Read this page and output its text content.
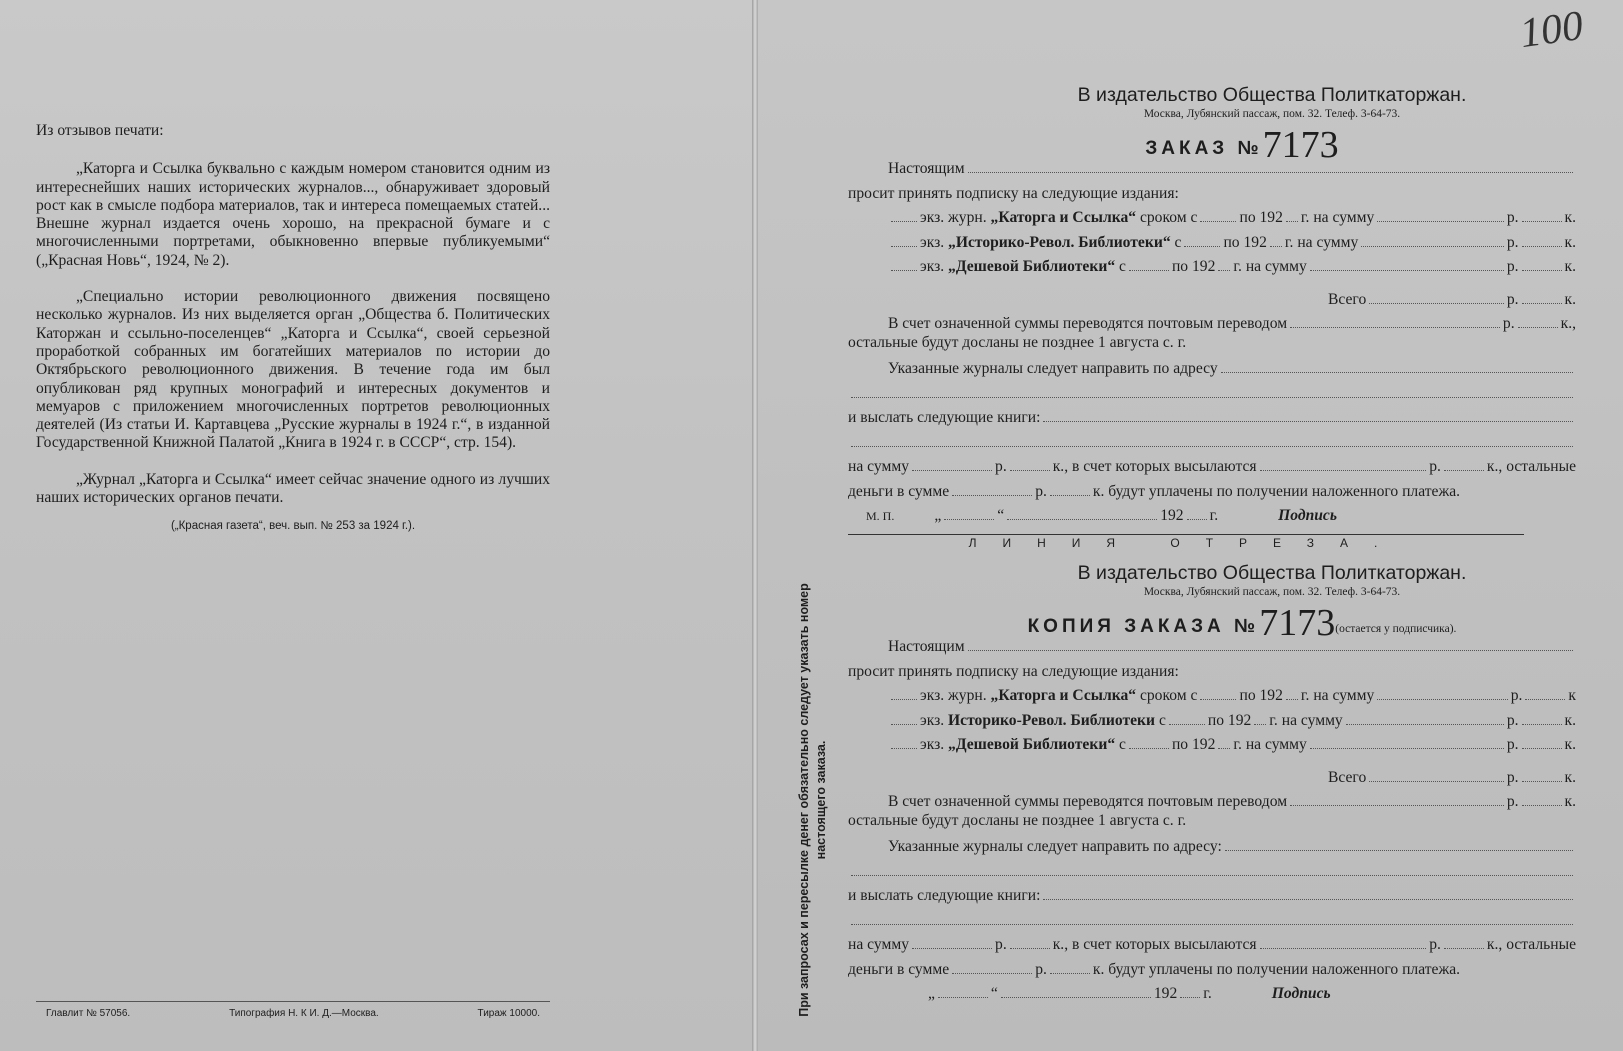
100
Из отзывов печати:

„Каторга и Ссылка буквально с каждым номером становится одним из интереснейших наших исторических журналов..., обнаруживает здоровый рост как в смысле подбора материалов, так и интереса помещаемых статей... Внешне журнал издается очень хорошо, на прекрасной бумаге и с многочисленными портретами, обыкновенно впервые публикуемыми“ („Красная Новь“, 1924, № 2).

„Специально истории революционного движения посвящено несколько журналов. Из них выделяется орган „Общества б. Политических Каторжан и ссыльно-поселенцев“ „Каторга и Ссылка“, своей серьезной проработкой собранных им богатейших материалов по истории до Октябрьского революционного движения. В течение года им был опубликован ряд крупных монографий и интересных документов и мемуаров с приложением многочисленных портретов революционных деятелей (Из статьи И. Картавцева „Русские журналы в 1924 г.“, в изданной Государственной Книжной Палатой „Книга в 1924 г. в СССР“, стр. 154).

„Журнал „Каторга и Ссылка“ имеет сейчас значение одного из лучших наших исторических органов печати.

(„Красная газета“, веч. вып. № 253 за 1924 г.).
Главлит № 57056.	Типография Н. К И. Д.—Москва.	Тираж 10000.	При запросах и пересылке денег обязательно следует указать номер настоящего заказа.
В издательство Общества Политкаторжан.
Москва, Лубянский пассаж, пом. 32. Телеф. 3-64-73.
ЗАКАЗ №7173
Настоящим
просит принять подписку на следующие издания:
экз. журн.
„Каторга и Ссылка“
сроком с	по 192 г. на сумму	р.	к.
экз.
„Историко-Револ. Библиотеки“
с	по 192 г. на сумму	р.	к.
экз.
„Дешевой Библиотеки“
с	по 192 г. на сумму	р.	к.
Всего	р.	к.
В счет означенной суммы переводятся почтовым переводом	р.	к.,
остальные будут досланы не позднее 1 августа с. г.
Указанные журналы следует направить по адресу
и выслать следующие книги:
на сумму	р.	к., в счет которых высылаются	р.	к., остальные
деньги в сумме	р.	к. будут уплачены по получении наложенного платежа.
М. П.	„	“	192 г.	Подпись
ЛИНИЯ ОТРЕЗА.
В издательство Общества Политкаторжан.
Москва, Лубянский пассаж, пом. 32. Телеф. 3-64-73.
КОПИЯ ЗАКАЗА №7173(остается у подписчика).
Настоящим
просит принять подписку на следующие издания:
экз. журн.
„Каторга и Ссылка“
сроком с	по 192 г. на сумму	р.	к
экз.
Историко-Револ. Библиотеки
с	по 192 г. на сумму	р.	к.
экз.
„Дешевой Библиотеки“
с	по 192 г. на сумму	р.	к.
Всего	р.	к.
В счет означенной суммы переводятся почтовым переводом	р.	к.
остальные будут досланы не позднее 1 августа с. г.
Указанные журналы следует направить по адресу:
и выслать следующие книги:
на сумму	р.	к., в счет которых высылаются	р.	к., остальные
деньги в сумме	р.	к. будут уплачены по получении наложенного платежа.
„	“	192 г.	Подпись
